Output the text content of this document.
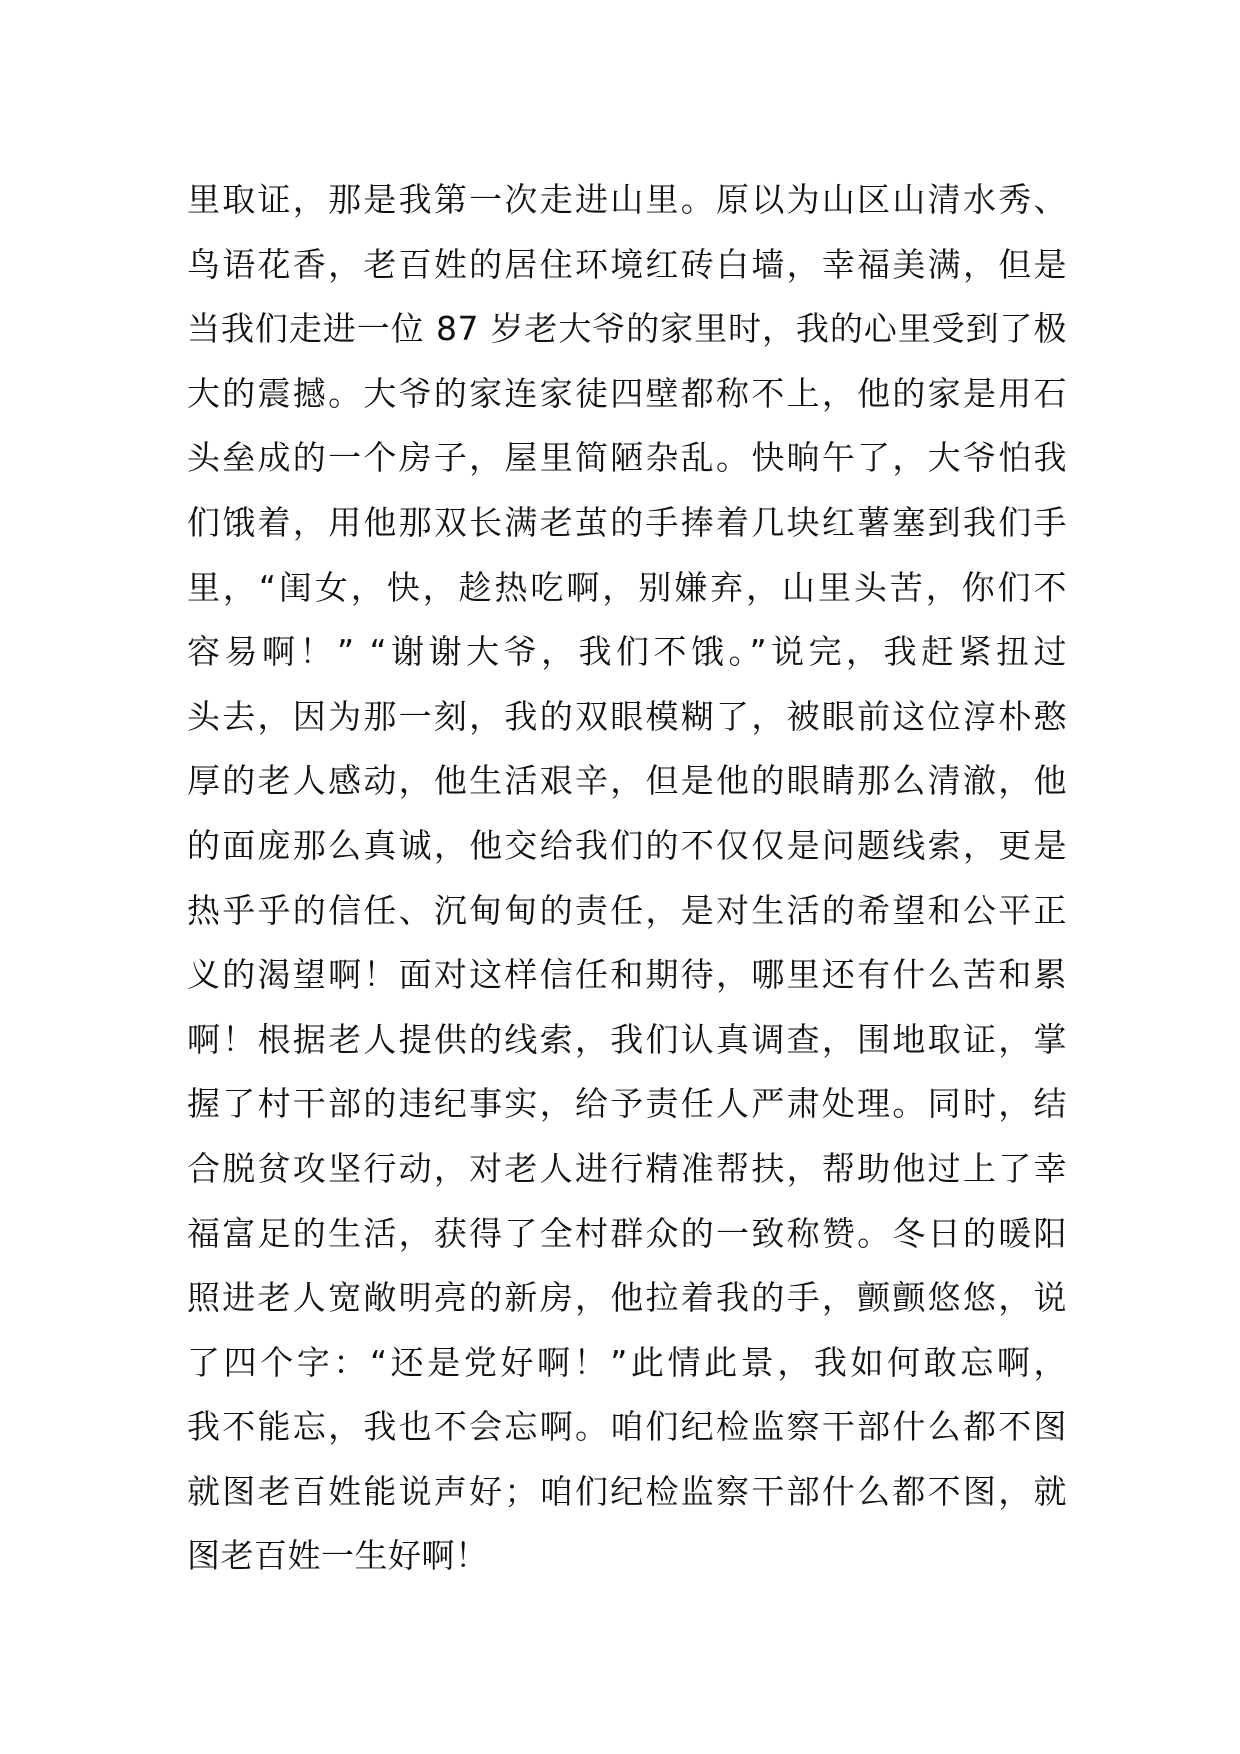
里取证，那是我第一次走进山里。原以为山区山清水秀、
鸟语花香，老百姓的居住环境红砖白墙，幸福美满，但是
当我们走进一位 87 岁老大爷的家里时，我的心里受到了极
大的震撼。大爷的家连家徒四壁都称不上，他的家是用石
头垒成的一个房子，屋里简陋杂乱。快晌午了，大爷怕我
们饿着，用他那双长满老茧的手捧着几块红薯塞到我们手
里，“闺女，快，趁热吃啊，别嫌弃，山里头苦，你们不
容易啊！” “谢谢大爷，我们不饿。”说完，我赶紧扭过
头去，因为那一刻，我的双眼模糊了，被眼前这位淳朴憨
厚的老人感动，他生活艰辛，但是他的眼睛那么清澈，他
的面庞那么真诚，他交给我们的不仅仅是问题线索，更是
热乎乎的信任、沉甸甸的责任，是对生活的希望和公平正
义的渴望啊！面对这样信任和期待，哪里还有什么苦和累
啊！根据老人提供的线索，我们认真调查，围地取证，掌
握了村干部的违纪事实，给予责任人严肃处理。同时，结
合脱贫攻坚行动，对老人进行精准帮扶，帮助他过上了幸
福富足的生活，获得了全村群众的一致称赞。冬日的暖阳
照进老人宽敞明亮的新房，他拉着我的手，颤颤悠悠，说
了四个字：“还是党好啊！”此情此景，我如何敢忘啊，
我不能忘，我也不会忘啊。咱们纪检监察干部什么都不图
就图老百姓能说声好；咱们纪检监察干部什么都不图，就
图老百姓一生好啊！
